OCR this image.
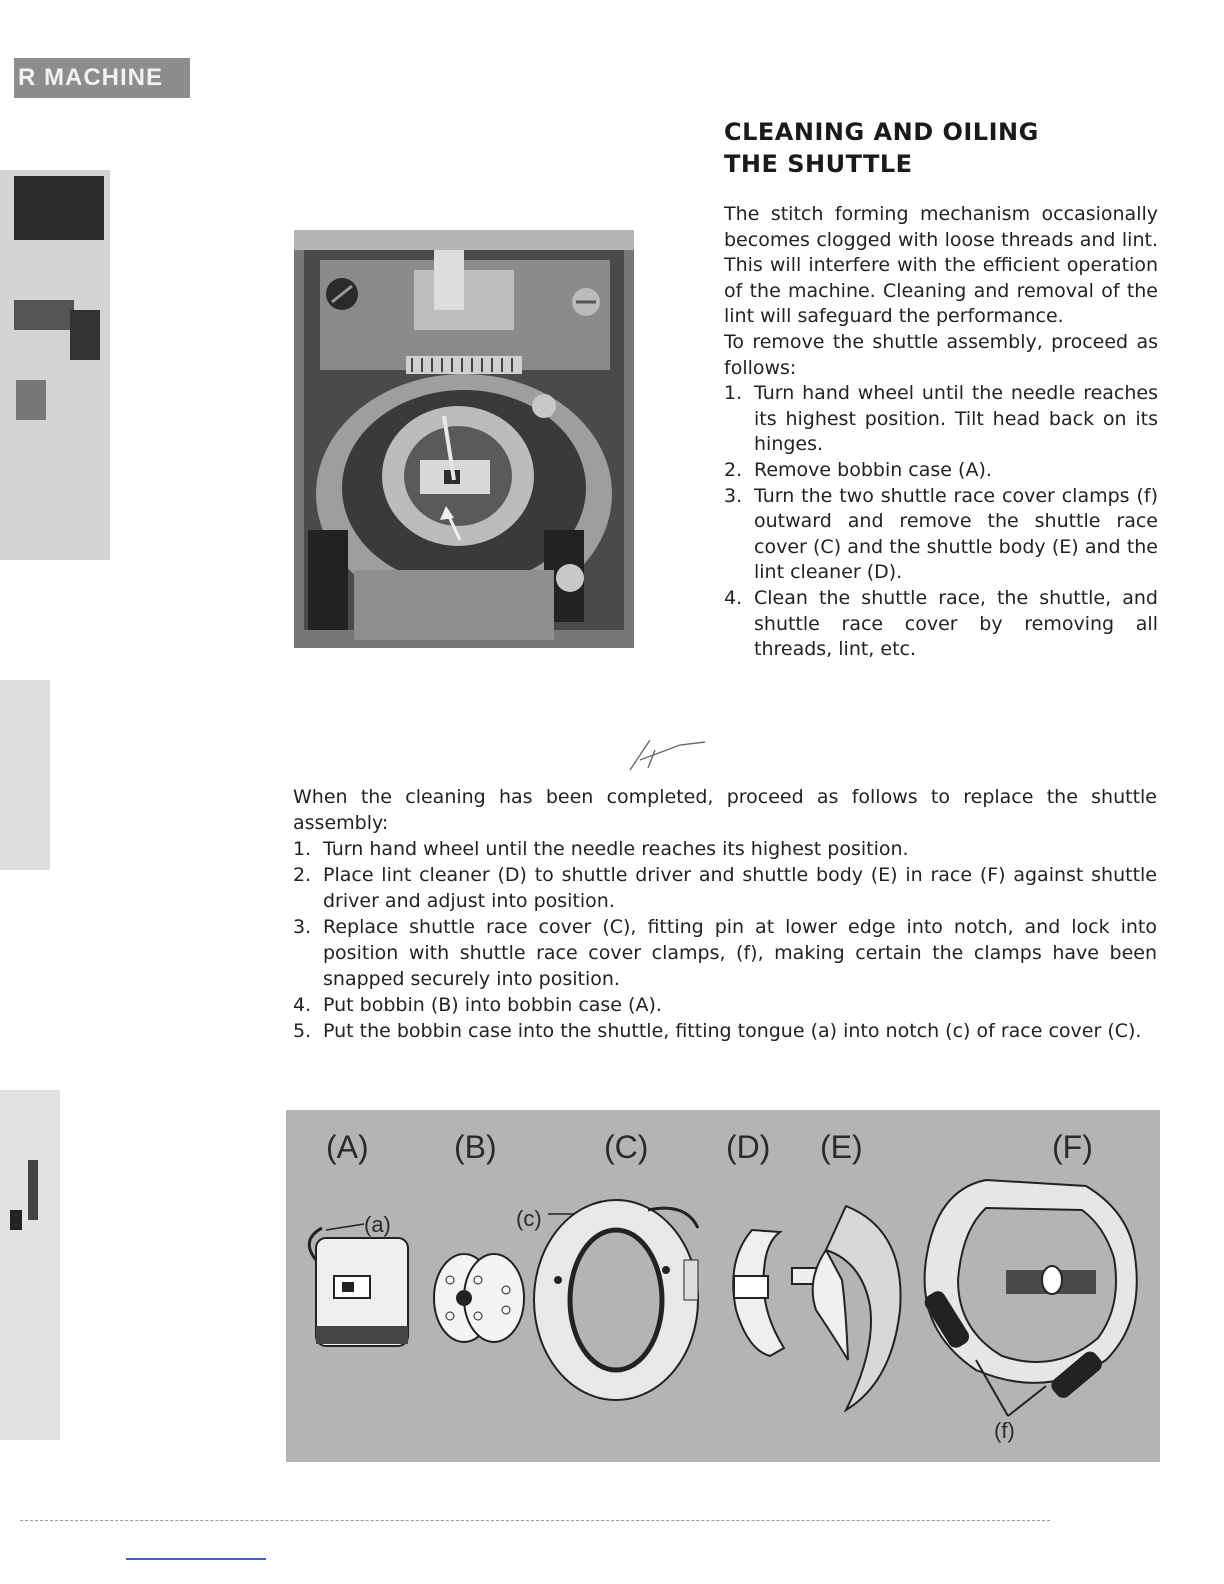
R MACHINE
CLEANING AND OILING
THE SHUTTLE

The stitch forming mechanism occasionally becomes clogged with loose threads and lint. This will interfere with the efficient operation of the machine. Cleaning and removal of the lint will safeguard the performance.

To remove the shuttle assembly, proceed as follows:

1. Turn hand wheel until the needle reaches its highest position. Tilt head back on its hinges.
2. Remove bobbin case (A).
3. Turn the two shuttle race cover clamps (f) outward and remove the shuttle race cover (C) and the shuttle body (E) and the lint cleaner (D).
4. Clean the shuttle race, the shuttle, and shuttle race cover by removing all threads, lint, etc.

When the cleaning has been completed, proceed as follows to replace the shuttle assembly:

1. Turn hand wheel until the needle reaches its highest position.
2. Place lint cleaner (D) to shuttle driver and shuttle body (E) in race (F) against shuttle driver and adjust into position.
3. Replace shuttle race cover (C), fitting pin at lower edge into notch, and lock into position with shuttle race cover clamps, (f), making certain the clamps have been snapped securely into position.
4. Put bobbin (B) into bobbin case (A).
5. Put the bobbin case into the shuttle, fitting tongue (a) into notch (c) of race cover (C).
(A)	(B)	(C) (D) (E)	(F)
(a)	(c)
(f)
